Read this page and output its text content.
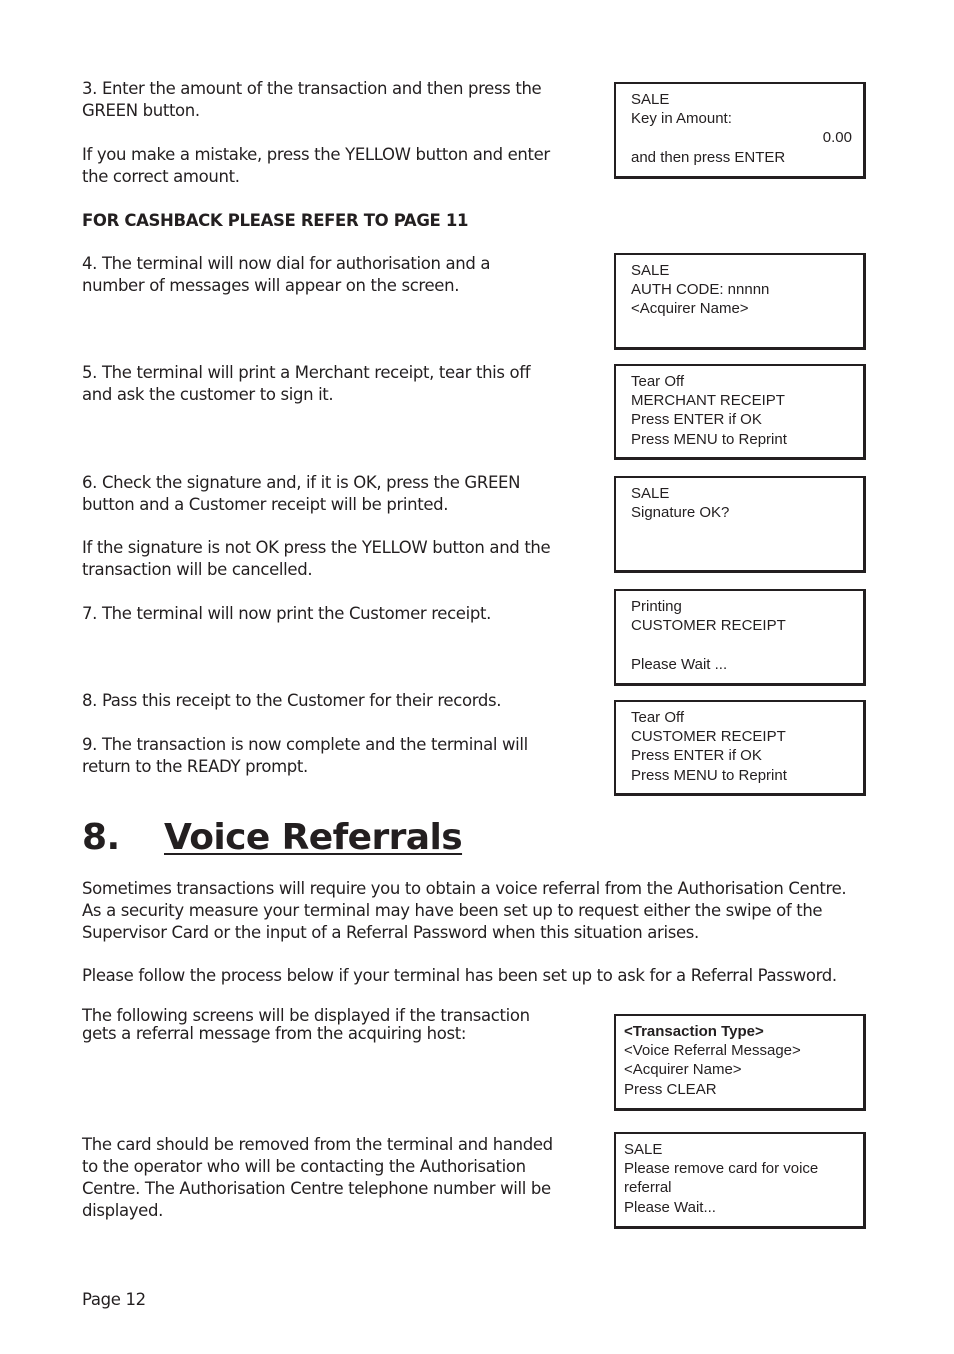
3. Enter the amount of the transaction and then press the
GREEN button.

If you make a mistake, press the YELLOW button and enter
the correct amount.

FOR CASHBACK PLEASE REFER TO PAGE 11

4. The terminal will now dial for authorisation and a
number of messages will appear on the screen.

5. The terminal will print a Merchant receipt, tear this off
and ask the customer to sign it.

6. Check the signature and, if it is OK, press the GREEN
button and a Customer receipt will be printed.

If the signature is not OK press the YELLOW button and the
transaction will be cancelled.

7. The terminal will now print the Customer receipt.

8. Pass this receipt to the Customer for their records.

9. The transaction is now complete and the terminal will
return to the READY prompt.

SALE
Key in Amount:
0.00
and then press ENTER
SALE
AUTH CODE: nnnnn
<Acquirer Name>
Tear Off
MERCHANT RECEIPT
Press ENTER if OK
Press MENU to Reprint
SALE
Signature OK?
Printing
CUSTOMER RECEIPT
Please Wait ...
Tear Off
CUSTOMER RECEIPT
Press ENTER if OK
Press MENU to Reprint
8. Voice Referrals

Sometimes transactions will require you to obtain a voice referral from the Authorisation Centre.
As a security measure your terminal may have been set up to request either the swipe of the
Supervisor Card or the input of a Referral Password when this situation arises.

Please follow the process below if your terminal has been set up to ask for a Referral Password.

The following screens will be displayed if the transaction
gets a referral message from the acquiring host:

The card should be removed from the terminal and handed
to the operator who will be contacting the Authorisation
Centre. The Authorisation Centre telephone number will be
displayed.

<Transaction Type>
<Voice Referral Message>
<Acquirer Name>
Press CLEAR
SALE
Please remove card for voice
referral
Please Wait...
Page 12
